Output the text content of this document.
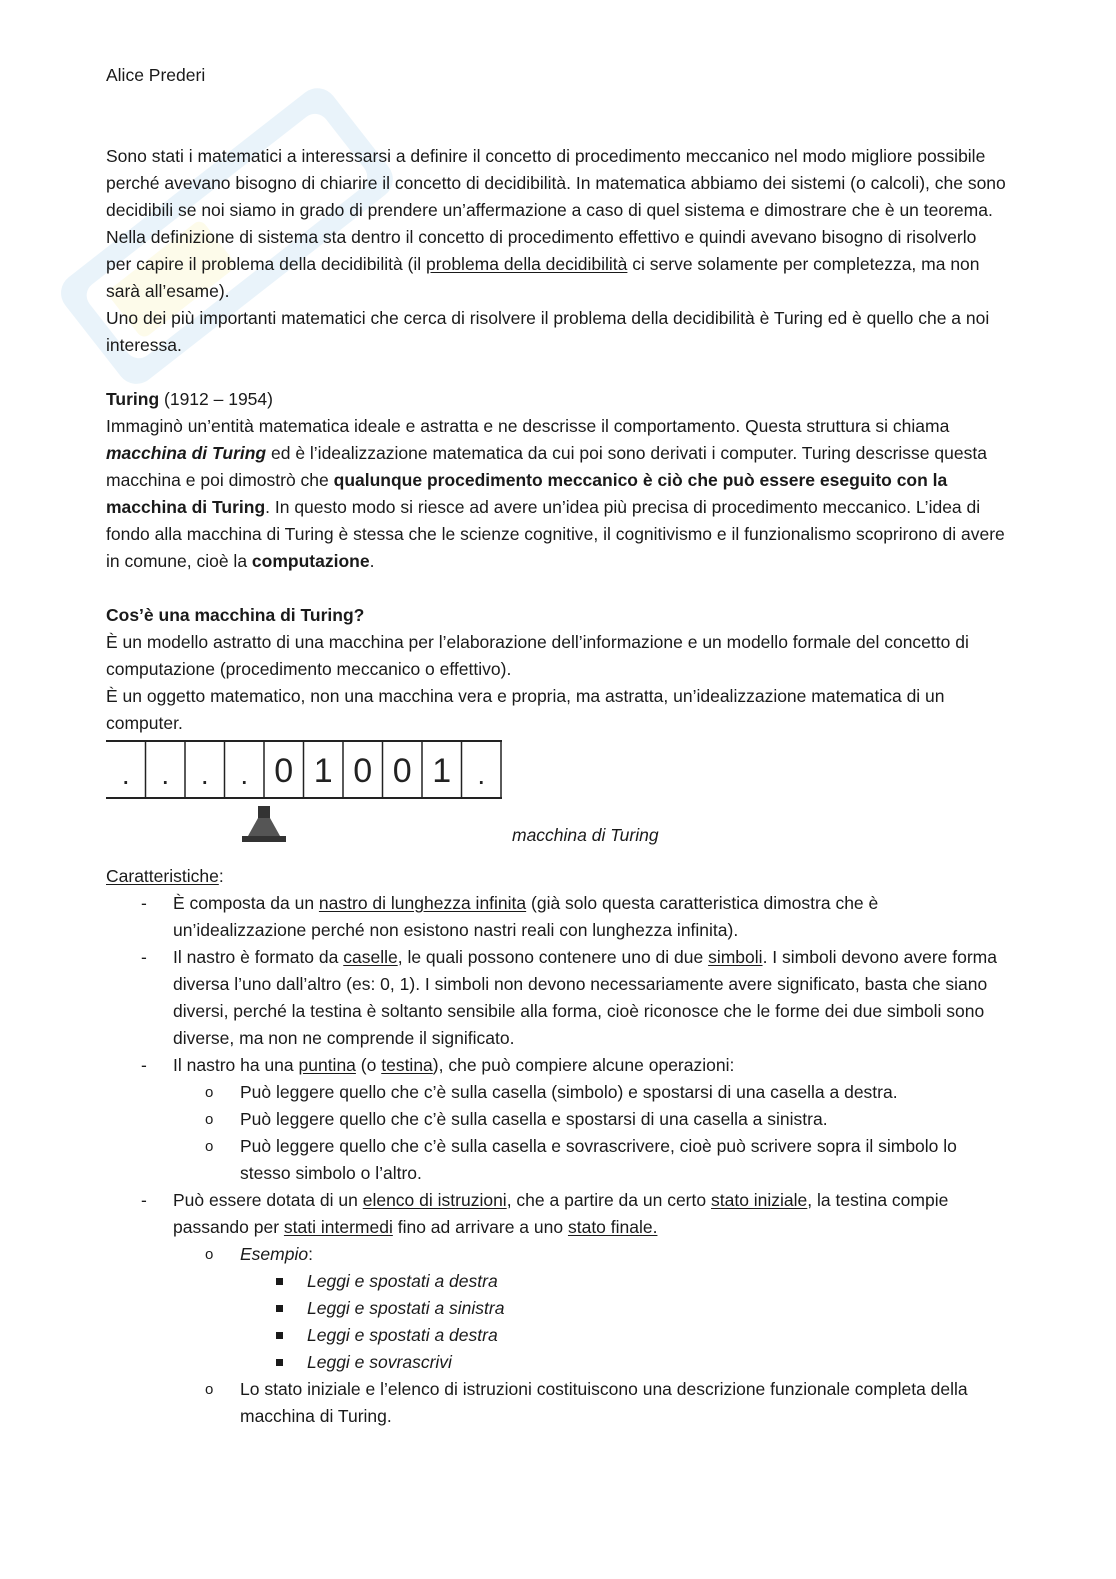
Alice Prederi

Sono stati i matematici a interessarsi a definire il concetto di procedimento meccanico nel modo migliore possibile perché avevano bisogno di chiarire il concetto di decidibilità. In matematica abbiamo dei sistemi (o calcoli), che sono decidibili se noi siamo in grado di prendere un’affermazione a caso di quel sistema e dimostrare che è un teorema. Nella definizione di sistema sta dentro il concetto di procedimento effettivo e quindi avevano bisogno di risolverlo per capire il problema della decidibilità (il problema della decidibilità ci serve solamente per completezza, ma non sarà all’esame).

Uno dei più importanti matematici che cerca di risolvere il problema della decidibilità è Turing ed è quello che a noi interessa.

Turing (1912 – 1954)

Immaginò un’entità matematica ideale e astratta e ne descrisse il comportamento. Questa struttura si chiama macchina di Turing ed è l’idealizzazione matematica da cui poi sono derivati i computer. Turing descrisse questa macchina e poi dimostrò che qualunque procedimento meccanico è ciò che può essere eseguito con la macchina di Turing. In questo modo si riesce ad avere un’idea più precisa di procedimento meccanico. L’idea di fondo alla macchina di Turing è stessa che le scienze cognitive, il cognitivismo e il funzionalismo scoprirono di avere in comune, cioè la computazione.

Cos’è una macchina di Turing?

È un modello astratto di una macchina per l’elaborazione dell’informazione e un modello formale del concetto di computazione (procedimento meccanico o effettivo).

È un oggetto matematico, non una macchina vera e propria, ma astratta, un’idealizzazione matematica di un computer.

. . . . 0 1 0 0 1 .
macchina di Turing

Caratteristiche:

- È composta da un nastro di lunghezza infinita (già solo questa caratteristica dimostra che è un’idealizzazione perché non esistono nastri reali con lunghezza infinita).
- Il nastro è formato da caselle, le quali possono contenere uno di due simboli. I simboli devono avere forma diversa l’uno dall’altro (es: 0, 1). I simboli non devono necessariamente avere significato, basta che siano diversi, perché la testina è soltanto sensibile alla forma, cioè riconosce che le forme dei due simboli sono diverse, ma non ne comprende il significato.
- Il nastro ha una puntina (o testina), che può compiere alcune operazioni:
o Può leggere quello che c’è sulla casella (simbolo) e spostarsi di una casella a destra.
o Può leggere quello che c’è sulla casella e spostarsi di una casella a sinistra.
o Può leggere quello che c’è sulla casella e sovrascrivere, cioè può scrivere sopra il simbolo lo stesso simbolo o l’altro.
- Può essere dotata di un elenco di istruzioni, che a partire da un certo stato iniziale, la testina compie passando per stati intermedi fino ad arrivare a uno stato finale.
o Esempio:
Leggi e spostati a destra
Leggi e spostati a sinistra
Leggi e spostati a destra
Leggi e sovrascrivi
o Lo stato iniziale e l’elenco di istruzioni costituiscono una descrizione funzionale completa della macchina di Turing.
